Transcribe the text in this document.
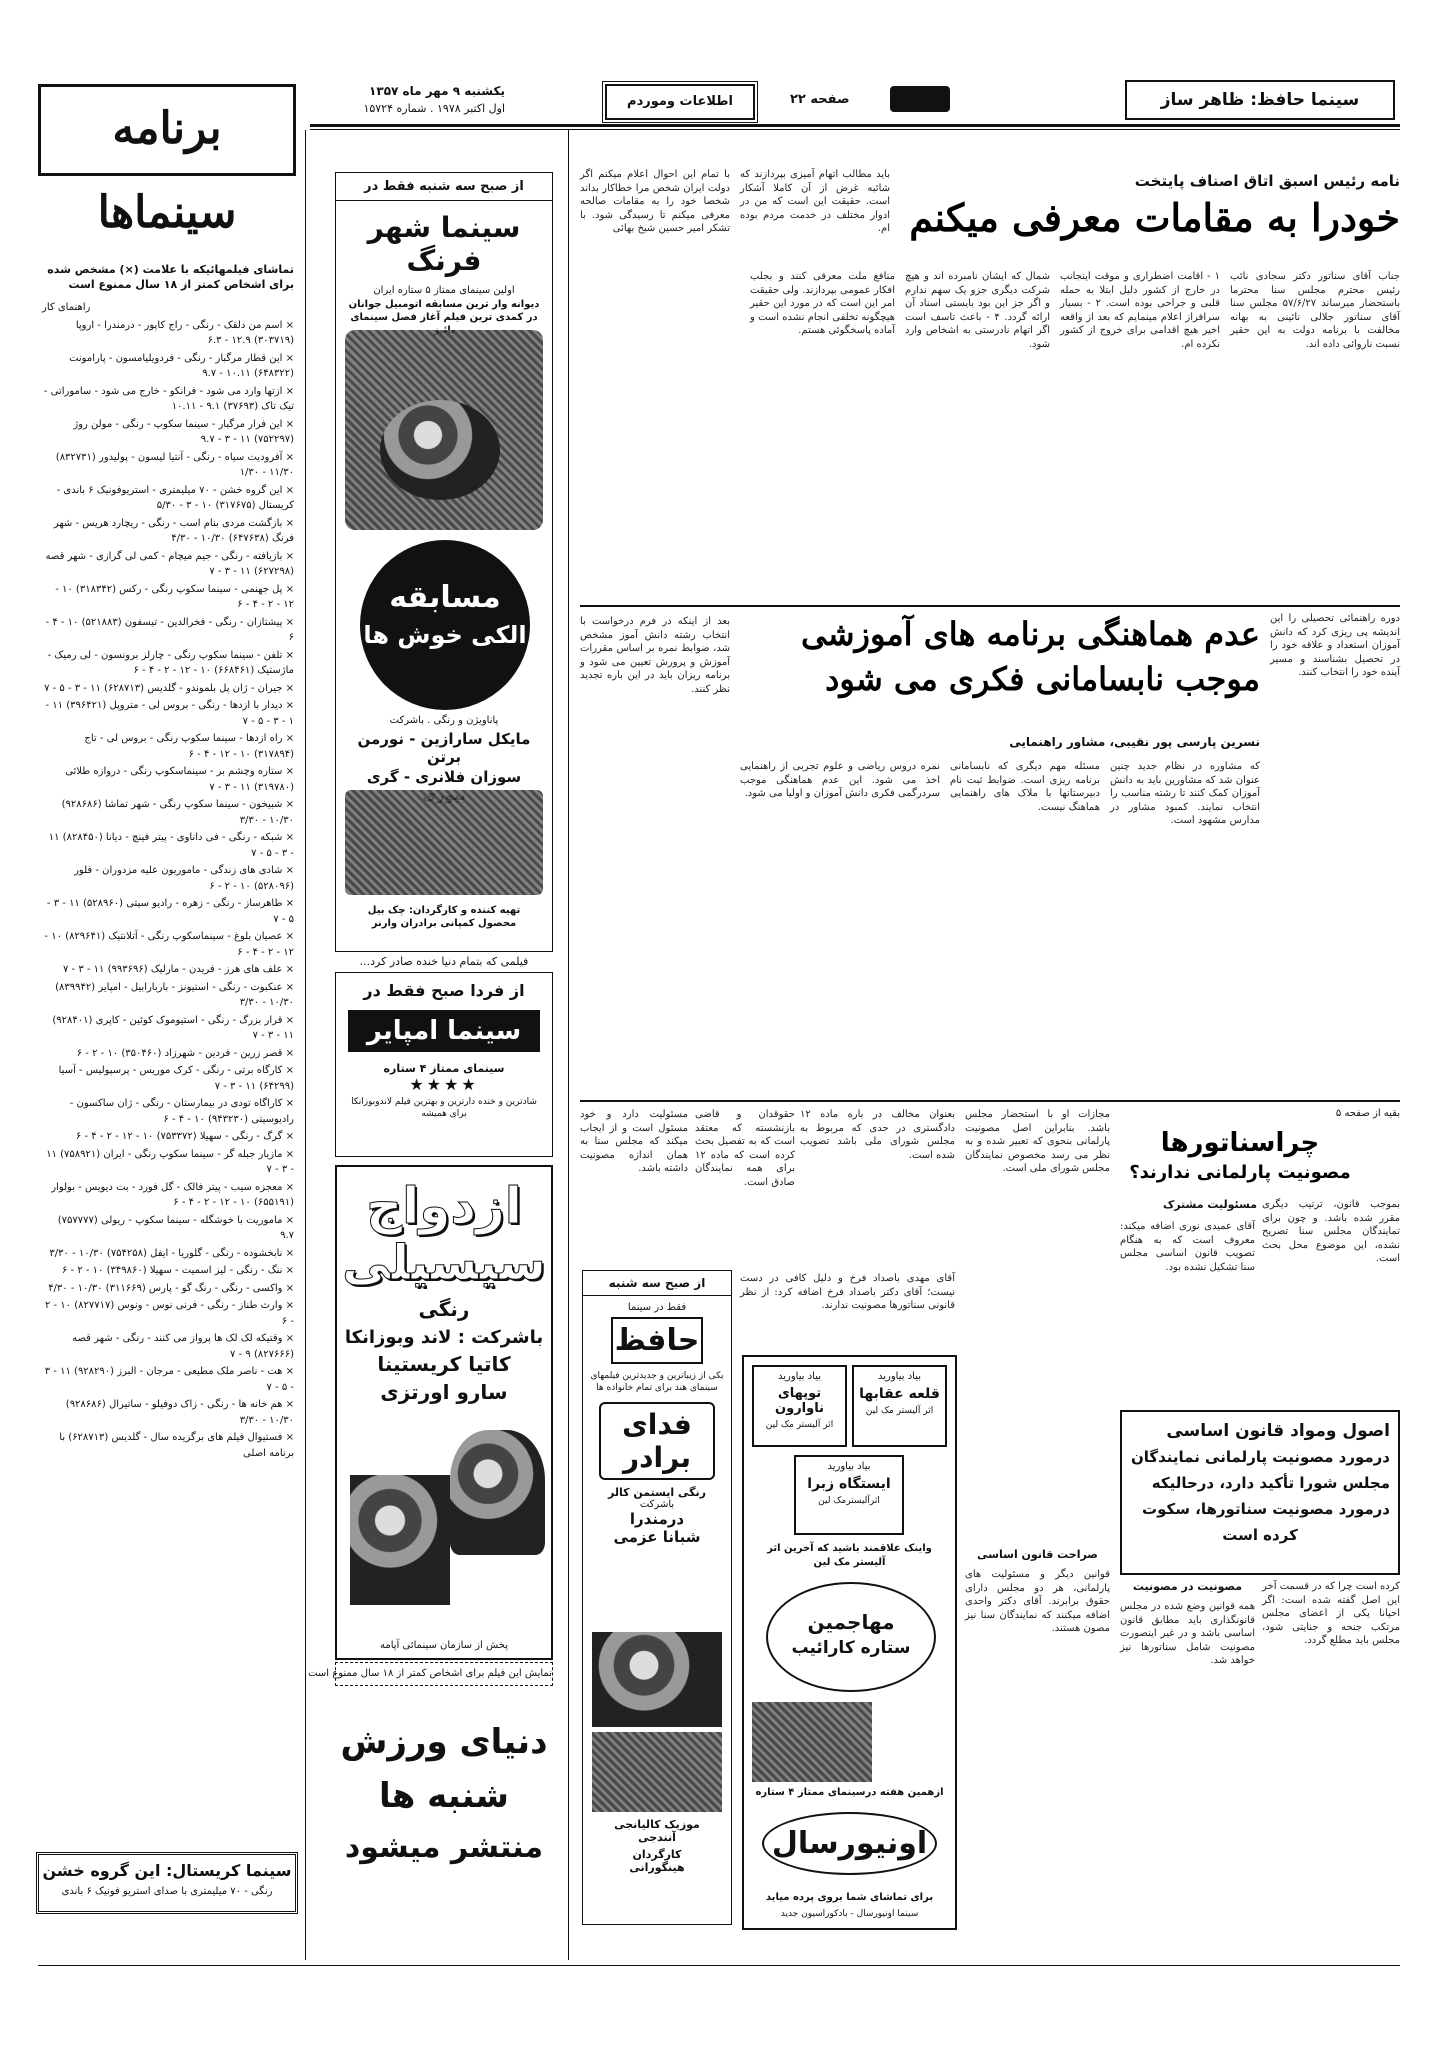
سینما حافظ: ظاهر ساز
صفحه ۲۲
اطلاعات وموردم
یکشنبه ۹ مهر ماه ۱۳۵۷
اول اکتبر ۱۹۷۸ . شماره ۱۵۷۲۴
برنامه سینماها
تماشای فیلمهائیکه با علامت (×) مشخص شده برای اشخاص کمتر از ۱۸ سال ممنوع است

راهنمای کار

× اسم من دلقک - رنگی - راج کاپور - درمندرا - اروپا (۳۰۳۷۱۹) ۱۲.۹ - ۶.۳

× این قطار مرگبار - رنگی - فردویلیامسون - پارامونت (۶۴۸۳۲۲) ۱۰.۱۱ - ۹.۷

× ازتها وارد می شود - فرانکو - خارج می شود - ساموراتی - تیک تاک (۳۷۶۹۳) ۹.۱ - ۱۰.۱۱

× این فرار مرگبار - سینما سکوپ - رنگی - مولن روژ (۷۵۲۲۹۷) ۱۱ - ۳ - ۹.۷

× آفرودیت سیاه - رنگی - آنتیا لیسون - پولیدور (۸۳۲۷۳۱) ۱۱/۳۰ - ۱/۳۰

× این گروه خشن - ۷۰ میلیمتری - استریوفونیک ۶ باندی - کریستال (۳۱۷۶۷۵) ۱۰ - ۳ - ۵/۳۰

× بازگشت مردی بنام اسب - رنگی - ریچارد هریس - شهر فرنگ (۶۴۷۶۳۸) ۱۰/۳۰ - ۴/۳۰

× بازیافته - رنگی - جیم میچام - کمی لی گرازی - شهر قصه (۶۲۷۲۹۸) ۱۱ - ۳ - ۷

× پل جهنمی - سینما سکوپ رنگی - رکس (۳۱۸۳۴۲) ۱۰ - ۱۲ - ۲ - ۴ - ۶

× پیشتازان - رنگی - فخرالدین - تیسفون (۵۲۱۸۸۳) ۱۰ - ۴ - ۶

× تلفن - سینما سکوپ رنگی - چارلز برونسون - لی رمیک - ماژستیک (۶۶۸۴۶۱) ۱۰ - ۱۲ - ۲ - ۴ - ۶

× جیران - ژان پل بلموندو - گلدیس (۶۲۸۷۱۳) ۱۱ - ۳ - ۵ - ۷

× دیدار با ازدها - رنگی - بروس لی - متروپل (۳۹۶۴۲۱) ۱۱ - ۱ - ۳ - ۵ - ۷

× راه ازدها - سینما سکوپ رنگی - بروس لی - تاج (۳۱۷۸۹۴) ۱۰ - ۱۲ - ۴ - ۶

× ستاره وچشم بر - سینماسکوپ رنگی - دروازه طلائی (۳۱۹۷۸۰) ۱۱ - ۳ - ۷

× شبیخون - سینما سکوپ رنگی - شهر تماشا (۹۲۸۶۸۶) ۱۰/۳۰ - ۳/۳۰

× شبکه - رنگی - فی داناوی - پیتر فینچ - دیانا (۸۲۸۴۵۰) ۱۱ - ۳ - ۵ - ۷

× شادی های زندگی - ماموریون علیه مزدوران - فلور (۵۲۸۰۹۶) ۱۰ - ۲ - ۶

× طاهرساز - رنگی - زهره - رادیو سیتی (۵۲۸۹۶۰) ۱۱ - ۳ - ۵ - ۷

× عصیان بلوغ - سینماسکوپ رنگی - آتلانتیک (۸۲۹۶۴۱) ۱۰ - ۱۲ - ۲ - ۴ - ۶

× علف های هرز - فریدن - مارلیک (۹۹۳۶۹۶) ۱۱ - ۳ - ۷

× عنکبوت - رنگی - استیونز - باربارابیل - امپایر (۸۳۹۹۴۲) ۱۰/۳۰ - ۳/۳۰

× قرار بزرگ - رنگی - استیوموک کوئین - کاپری (۹۲۸۴۰۱) ۱۱ - ۳ - ۷

× قصر زرین - فردین - شهرزاد (۳۵۰۴۶۰) ۱۰ - ۲ - ۶

× کارگاه برتی - رنگی - کرک موریس - پرسپولیس - آسیا (۶۴۲۹۹) ۱۱ - ۳ - ۷

× کاراگاه تودی در بیمارستان - رنگی - ژان ساکسون - رادیوسیتی (۹۴۳۲۳۰) ۱۰ - ۴ - ۶

× گرگ - رنگی - سهیلا (۷۵۳۳۷۲) ۱۰ - ۱۲ - ۲ - ۴ - ۶

× مازیار جبله گر - سینما سکوپ رنگی - ایران (۷۵۸۹۲۱) ۱۱ - ۳ - ۷

× معجزه سیب - پیتر فالک - گل فورد - بت دیویس - بولوار (۶۵۵۱۹۱) ۱۰ - ۱۲ - ۲ - ۴ - ۶

× ماموریت با خوشگله - سینما سکوپ - ریولی (۷۵۷۷۷۷) ۹.۷

× نابخشوده - رنگی - گلوریا - ایفل (۷۵۴۲۵۸) ۱۰/۳۰ - ۳/۳۰

× ننگ - رنگی - لیز اسمیت - سهیلا (۳۴۹۸۶۰) ۱۰ - ۲ - ۶

× واکسی - رنگی - رنگ گو - پارس (۳۱۱۶۶۹) ۱۰/۳۰ - ۴/۳۰

× وارث طناز - رنگی - فرنی نوس - ونوس (۸۲۷۷۱۷) ۱۰ - ۲ - ۶

× وقتیکه لک لک ها پرواز می کنند - رنگی - شهر قصه (۸۲۷۶۶۶) ۹ - ۷

× هت - ناصر ملک مطیعی - مرجان - البرز (۹۲۸۲۹۰) ۱۱ - ۳ - ۵ - ۷

× هم خانه ها - رنگی - زاک دوفیلو - ساتیرال (۹۲۸۶۸۶) ۱۰/۳۰ - ۳/۳۰

× فستیوال فیلم های برگزیده سال - گلدیس (۶۲۸۷۱۳) با برنامه اصلی

سینما کریستال: این گروه خشن
رنگی - ۷۰ میلیمتری با صدای استریو فونیک ۶ باندی
از صبح سه شنبه فقط در
سینما شهر فرنگ
اولین سینمای ممتاز ۵ ستاره ایران
دیوانه وار ترین مسابقه اتومبیل جوانان در کمدی ترین فیلم آغاز فصل سینمای
مسابقه
الکی خوش ها
پاناویژن و رنگی . باشرکت
مایکل سارازین - نورمن برتن
سوزان فلانری - گری
تهیه کننده و کارگردان: چک بیل
محصول کمپانی برادران وارنر
فیلمی که بتمام دنیا خنده صادر کرد...
از فردا صبح فقط در
سینما امپایر
سینمای ممتاز ۴ ستاره
★★★★
شادترین و خنده دارترین و بهترین فیلم لاندوبوزانکا برای همیشه
ازدواج
سیسیلی
رنگی
باشرکت : لاند وبوزانکا
کاتیا کریستینا
سارو اورتزی
پخش از سازمان سینمائی آپامه
نمایش این فیلم برای اشخاص کمتر از ۱۸ سال ممنوع است
دنیای ورزش
شنبه ها
منتشر میشود
نامه رئیس اسبق اتاق اصناف پایتخت
خودرا به مقامات معرفی میکنم
جناب آقای سناتور دکتر سجادی نائب رئیس محترم مجلس سنا محترما باستحضار میرساند ۵۷/۶/۲۷ مجلس سنا آقای سناتور جلالی نائینی به بهانه مخالفت با برنامه دولت به این حقیر نسبت ناروائی داده اند.
۱ - اقامت اضطراری و موقت اینجانب در خارج از کشور دلیل ابتلا به حمله قلبی و جراحی بوده است. ۲ - بسیار سرافراز اعلام مینمایم که بعد از واقعه اخیر هیچ اقدامی برای خروج از کشور نکرده ام.
شمال که ایشان نامبرده اند و هیچ شرکت دیگری جزو یک سهم ندارم و اگر جز این بود بایستی اسناد آن ارائه گردد. ۴ - باعث تاسف است اگر اتهام نادرستی به اشخاص وارد شود.
منافع ملت معرفی کنند و بجلب افکار عمومی بپردازند. ولی حقیقت امر این است که در مورد این حقیر هیچگونه تخلفی انجام نشده است و آماده پاسخگوئی هستم.
باید مطالب اتهام آمیزی بپردازند که شائبه غرض از آن کاملا آشکار است. حقیقت این است که من در ادوار مختلف در خدمت مردم بوده ام.
با تمام این احوال اعلام میکنم اگر دولت ایران شخص مرا خطاکار بداند شخصا خود را به مقامات صالحه معرفی میکنم تا رسیدگی شود. با تشکر امیر حسین شیخ بهائی
عدم هماهنگی برنامه های آموزشی
موجب نابسامانی فکری می شود
دوره راهنمائی تحصیلی را این اندیشه پی ریزی کرد که دانش آموزان استعداد و علاقه خود را در تحصیل بشناسند و مسیر آینده خود را انتخاب کنند.
نسرین پارسی پور نقیبی، مشاور راهنمایی
که مشاوره در نظام جدید چنین عنوان شد که مشاورین باید به دانش آموزان کمک کنند تا رشته مناسب را انتخاب نمایند. کمبود مشاور در مدارس مشهود است.
مسئله مهم دیگری که نابسامانی برنامه ریزی است. ضوابط ثبت نام دبیرستانها با ملاک های راهنمایی هماهنگ نیست.
نمره دروس ریاضی و علوم تجربی از راهنمایی اخذ می شود. این عدم هماهنگی موجب سردرگمی فکری دانش آموزان و اولیا می شود.
بعد از اینکه در فرم درخواست با انتخاب رشته دانش آموز مشخص شد، ضوابط نمره بر اساس مقررات آموزش و پرورش تعیین می شود و برنامه ریزان باید در این باره تجدید نظر کنند.
بقیه از صفحه ۵
چراسناتورها
مصونیت پارلمانی ندارند؟
مسئولیت مشترک بموجب قانون، ترتیب دیگری مقرر شده باشد. و چون برای تمایندگان مجلس سنا تصریح نشده، این موضوع محل بحث است.
آقای عمیدی نوری اضافه میکند: معروف است که به هنگام تصویب قانون اساسی مجلس سنا تشکیل نشده بود.
اصول ومواد قانون اساسی
درمورد مصونیت پارلمانی نمایندگان
مجلس شورا تأکید دارد، درحالیکه
درمورد مصونیت سناتورها، سکوت
کرده است
کرده است چرا که در قسمت آخر این اصل گفته شده است: اگر احیانا یکی از اعضای مجلس مرتکب جنحه و جنایتی شود، مجلس باید مطلع گردد.
مصونیت در مصونیت
همه قوانین وضع شده در مجلس قانونگذاری باید مطابق قانون اساسی باشد و در غیر اینصورت مصونیت شامل سناتورها نیز خواهد شد.
مجازات او با استحضار مجلس باشد. بنابراین اصل مصونیت پارلمانی بنحوی که تعبیر شده و به نظر می رسد مخصوص نمایندگان مجلس شورای ملی است.
صراحت قانون اساسی
قوانین دیگر و مسئولیت های پارلمانی، هر دو مجلس دارای حقوق برابرند. آقای دکتر واحدی اضافه میکنند که نمایندگان سنا نیز مصون هستند.
بعنوان مخالف در باره ماده ۱۲ دادگستری در حدی که مربوط به مجلس شورای ملی باشد تصویب شده است.
حقوقدان و قاضی بازنشسته که معتقد است که به تفصیل بحث کرده است که ماده ۱۲ برای همه نمایندگان صادق است.
مسئولیت دارد و خود مسئول است و از ایجاب میکند که مجلس سنا به همان اندازه مصونیت داشته باشد.
آقای مهدی باصداد فرخ و دلیل کافی در دست نیست؛ آقای دکتر باصداد فرخ اضافه کرد: از نظر قانونی سناتورها مصونیت ندارند.
از صبح سه شنبه
فقط در سینما
حافظ
یکی از زیباترین و جدیدترین فیلمهای سینمای هند برای تمام خانواده ها
فدای
برادر
رنگی ایستمن کالر
باشرکت
درمندرا
شبانا عزمی
موزیک کالیانجی
آنندجی
کارگردان
هینگورانی
بیاد بیاورید
قلعه عقابها
اثر آلیستر مک لین
بیاد بیاورید
توپهای ناوارون
اثر آلیستر مک لین
بیاد بیاورید
ایستگاه زبرا
اثرآلیسترمک لین
واینک علاقمند باشید که آخرین اثر آلیستر مک لین
مهاجمین
ستاره کارائیب
ازهمین هفته درسینمای ممتاز ۴ ستاره
اونیورسال
برای تماشای شما بروی پرده میاید
سینما اونیورسال - بادکوراسیون جدید
